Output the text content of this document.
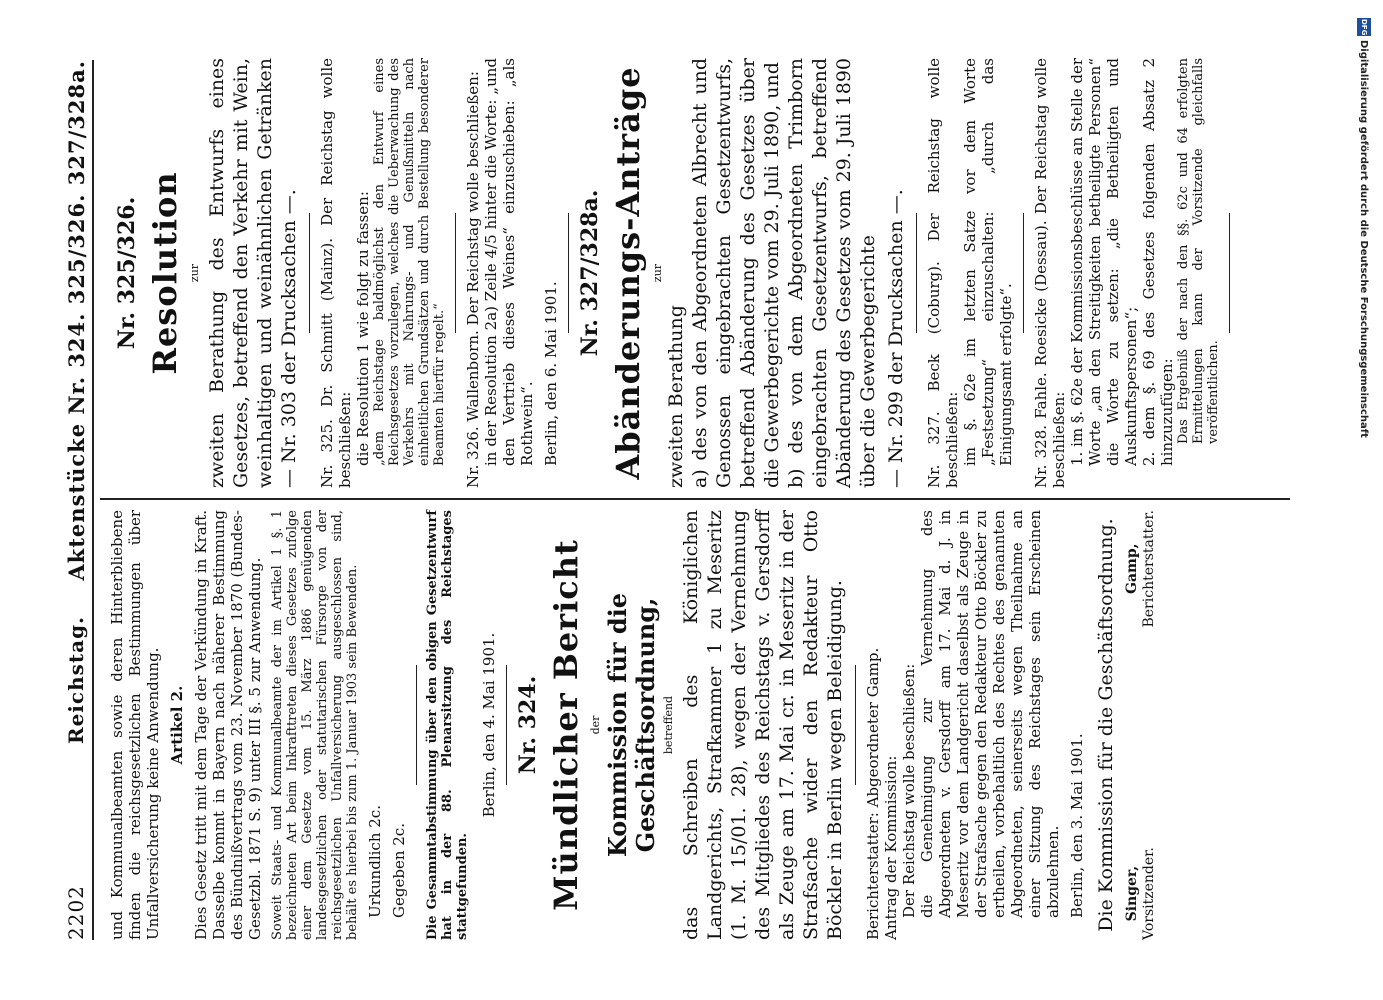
2202
Reichstag.
Aktenstücke Nr. 324. 325/326. 327/328a.

und Kommunalbeamten sowie deren Hinterbliebene finden die reichsgesetzlichen Bestimmungen über Unfallversicherung keine Anwendung. Artikel 2. Dies Gesetz tritt mit dem Tage der Verkündung in Kraft. Dasselbe kommt in Bayern nach näherer Bestimmung des Bündnißvertrags vom 23. November 1870 (Bundes-Gesetzbl. 1871 S. 9) unter III §. 5 zur Anwendung. Soweit Staats- und Kommunalbeamte der im Artikel 1 §. 1 bezeichneten Art beim Inkrafttreten dieses Gesetzes zufolge einer dem Gesetze vom 15. März 1886 genügenden landesgesetzlichen oder statutarischen Fürsorge von der reichsgesetzlichen Unfallversicherung ausgeschlossen sind, behält es hierbei bis zum 1. Januar 1903 sein Bewenden. Urkundlich 2c. Gegeben 2c. Die Gesammtabstimmung über den obigen Gesetzentwurf hat in der 88. Plenarsitzung des Reichstages stattgefunden.

Berlin, den 4. Mai 1901. Nr. 324. Mündlicher Bericht der Kommission für die Geschäftsordnung, betreffend das Schreiben des Königlichen Landgerichts, Strafkammer 1 zu Meseritz (1. M. 15/01. 28), wegen der Vernehmung des Mitgliedes des Reichstags v. Gersdorff als Zeuge am 17. Mai cr. in Meseritz in der Strafsache wider den Redakteur Otto Böckler in Berlin wegen Beleidigung. Berichterstatter: Abgeordneter Gamp. Antrag der Kommission: Der Reichstag wolle beschließen: die Genehmigung zur Vernehmung des Abgeordneten v. Gersdorff am 17. Mai d. J. in Meseritz vor dem Landgericht daselbst als Zeuge in der Strafsache gegen den Redakteur Otto Böckler zu ertheilen, vorbehaltlich des Rechtes des genannten Abgeordneten, seinerseits wegen Theilnahme an einer Sitzung des Reichstages sein Erscheinen abzulehnen. Berlin, den 3. Mai 1901. Die Kommission für die Geschäftsordnung. Singer, Vorsitzender.
Gamp, Berichterstatter.

Nr. 325/326. Resolution zur zweiten Berathung des Entwurfs eines Gesetzes, betreffend den Verkehr mit Wein, weinhaltigen und weinähnlichen Getränken — Nr. 303 der Drucksachen —. Nr. 325. Dr. Schmitt (Mainz). Der Reichstag wolle beschließen: die Resolution 1 wie folgt zu fassen: „dem Reichstage baldmöglichst den Entwurf eines Reichsgesetzes vorzulegen, welches die Ueberwachung des Verkehrs mit Nahrungs- und Genußmitteln nach einheitlichen Grundsätzen und durch Bestellung besonderer Beamten hierfür regelt.“ Nr. 326. Wallenborn. Der Reichstag wolle beschließen: in der Resolution 2a) Zeile 4/5 hinter die Worte: „und den Vertrieb dieses Weines“ einzuschieben: „als Rothwein“. Berlin, den 6. Mai 1901.

Nr. 327/328a. Abänderungs-Anträge zur

zweiten Berathung a) des von den Abgeordneten Albrecht und Genossen eingebrachten Gesetzentwurfs, betreffend Abänderung des Gesetzes über die Gewerbegerichte vom 29. Juli 1890, und b) des von dem Abgeordneten Trimborn eingebrachten Gesetzentwurfs, betreffend Abänderung des Gesetzes vom 29. Juli 1890 über die Gewerbegerichte — Nr. 299 der Drucksachen —. Nr. 327. Beck (Coburg). Der Reichstag wolle beschließen: im §. 62e im letzten Satze vor dem Worte „Festsetzung“ einzuschalten: „durch das Einigungsamt erfolgte“. Nr. 328. Fahle. Roesicke (Dessau). Der Reichstag wolle beschließen: 1. im §. 62e der Kommissionsbeschlüsse an Stelle der Worte „an den Streitigkeiten betheiligte Personen“ die Worte zu setzen: „die Betheiligten und Auskunftspersonen“; 2. dem §. 69 des Gesetzes folgenden Absatz 2 hinzuzufügen: Das Ergebniß der nach den §§. 62c und 64 erfolgten Ermittelungen kann der Vorsitzende gleichfalls veröffentlichen.

DFG
Digitalisierung gefördert durch die Deutsche Forschungsgemeinschaft
